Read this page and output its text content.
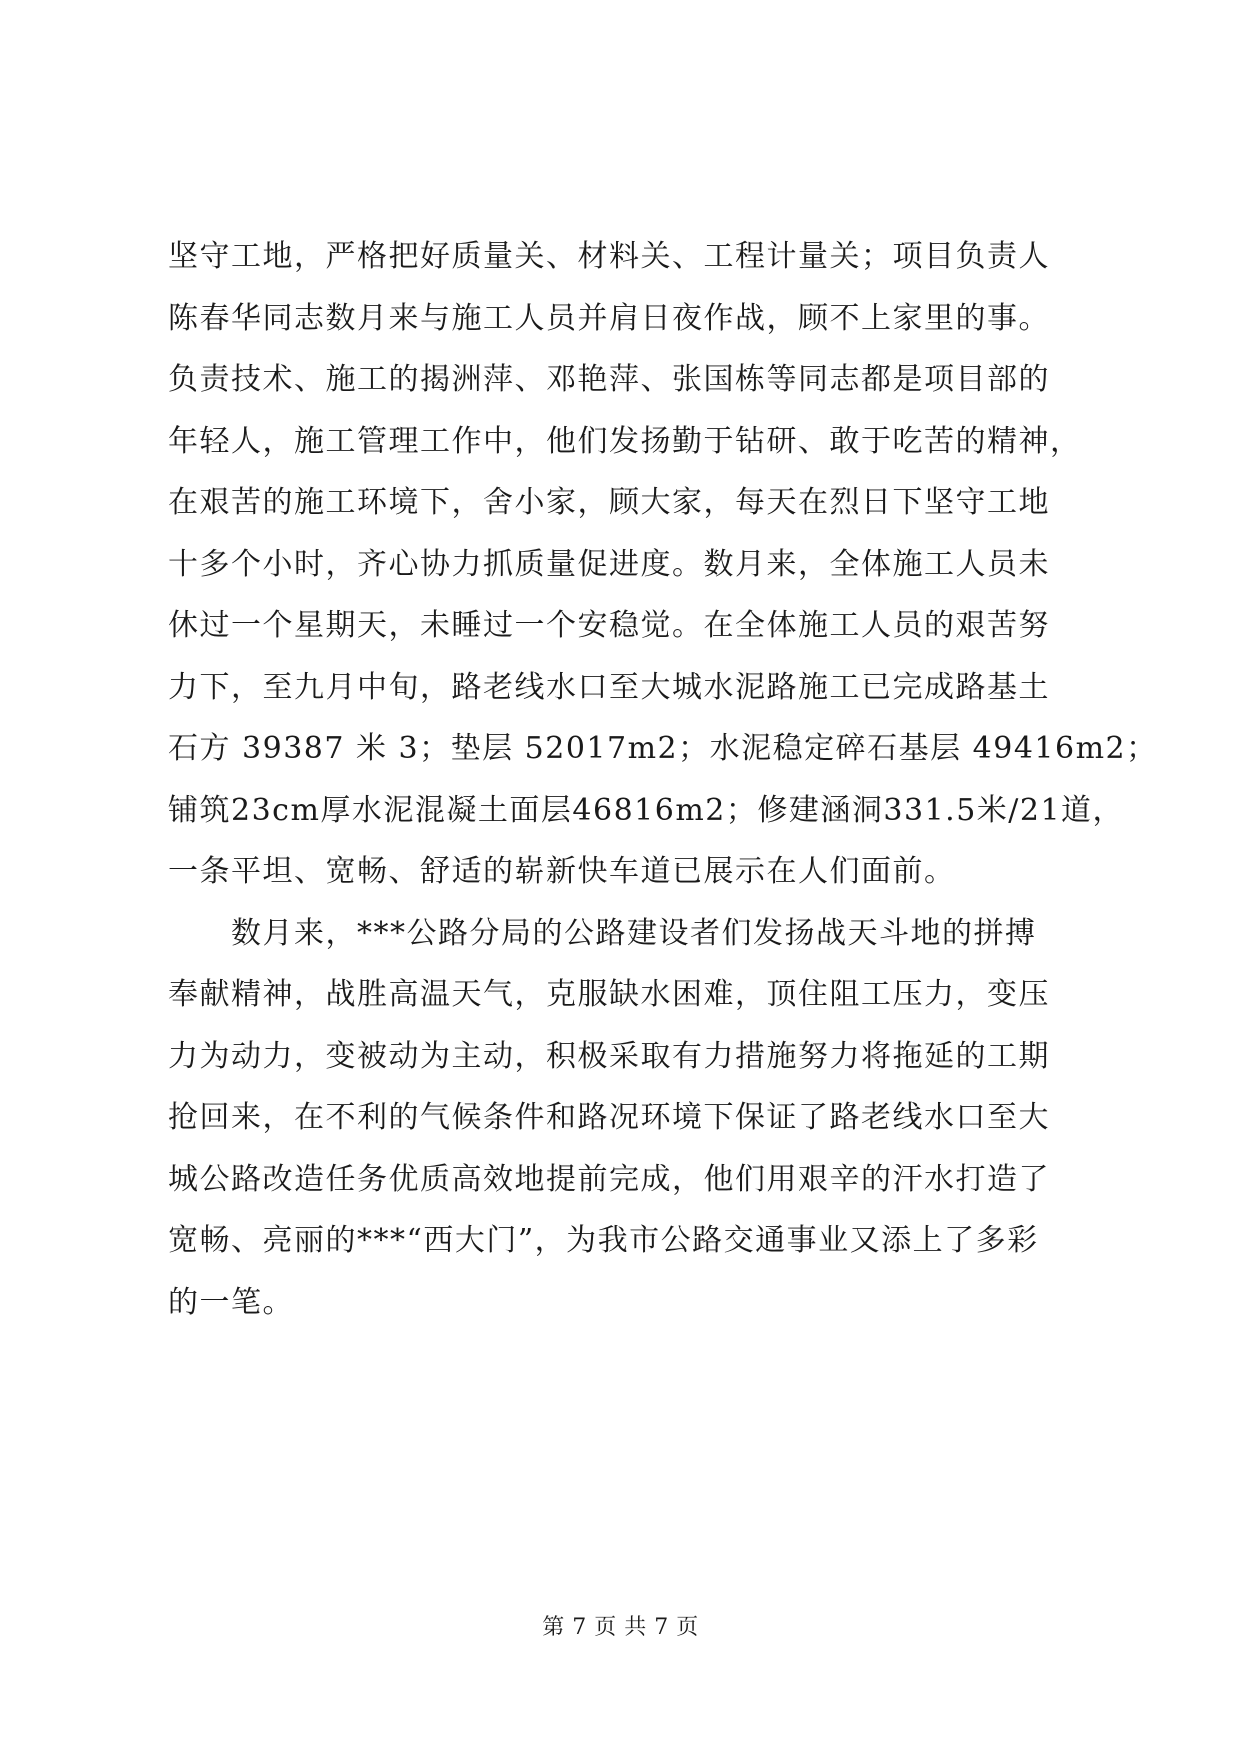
坚守工地，严格把好质量关、材料关、工程计量关；项目负责人
陈春华同志数月来与施工人员并肩日夜作战，顾不上家里的事。
负责技术、施工的揭洲萍、邓艳萍、张国栋等同志都是项目部的
年轻人，施工管理工作中，他们发扬勤于钻研、敢于吃苦的精神，
在艰苦的施工环境下，舍小家，顾大家，每天在烈日下坚守工地
十多个小时，齐心协力抓质量促进度。数月来，全体施工人员未
休过一个星期天，未睡过一个安稳觉。在全体施工人员的艰苦努
力下，至九月中旬，路老线水口至大城水泥路施工已完成路基土
石方 39387 米 3；垫层 52017m2；水泥稳定碎石基层 49416m2；
铺筑23cm厚水泥混凝土面层46816m2；修建涵洞331.5米/21道，
一条平坦、宽畅、舒适的崭新快车道已展示在人们面前。
　　数月来，***公路分局的公路建设者们发扬战天斗地的拼搏
奉献精神，战胜高温天气，克服缺水困难，顶住阻工压力，变压
力为动力，变被动为主动，积极采取有力措施努力将拖延的工期
抢回来，在不利的气候条件和路况环境下保证了路老线水口至大
城公路改造任务优质高效地提前完成，他们用艰辛的汗水打造了
宽畅、亮丽的***“西大门”，为我市公路交通事业又添上了多彩
的一笔。
第 7 页 共 7 页
